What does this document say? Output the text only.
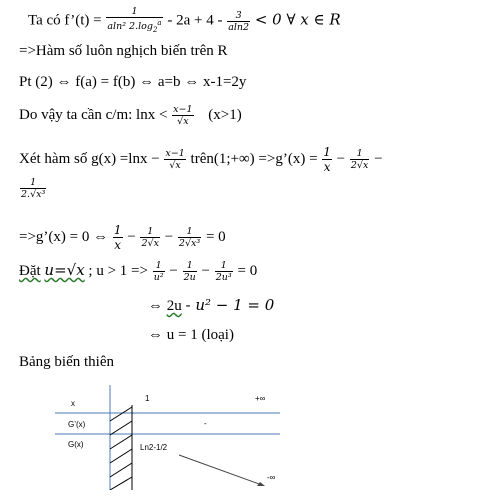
Ta có f’(t) = $\frac{1}{aln^2 2.\log_2^a} - 2a + 4 - \frac{3}{aln2} < 0$ ∀ x ∈ R
=>Hàm số luôn nghịch biến trên R
Pt (2) ⇔ f(a) = f(b) ⇔ a=b ⇔ x-1=2y
Do vậy ta cần c/m: $\ln x < \frac{x-1}{√x} (x>1)$
Xét hàm số $g(x) =\ln x - \frac{x-1}{√x}$ trên(1;+∞) =>g’(x) = $\frac{1}{x} - \frac{1}{2√x}$ −
$\frac{1}{\text{2.√x³}}$
=>g’(x) = 0 ⇔ $\frac{1}{x} - \frac{1}{2√x} - \frac{1}{\text{2√x³}} = 0$
Đặt u=√x ; $u > 1 => \frac{1}{\text{u²}} - \frac{1}{2u} - \frac{1}{\text{2u³}} = 0$
⇔ 2u - u² − 1 = 0
⇔ u = 1 (loại)
Bảng biến thiên
x
G’(x)
G(x)
1	+∞
-
Ln2-1/2
-∞
